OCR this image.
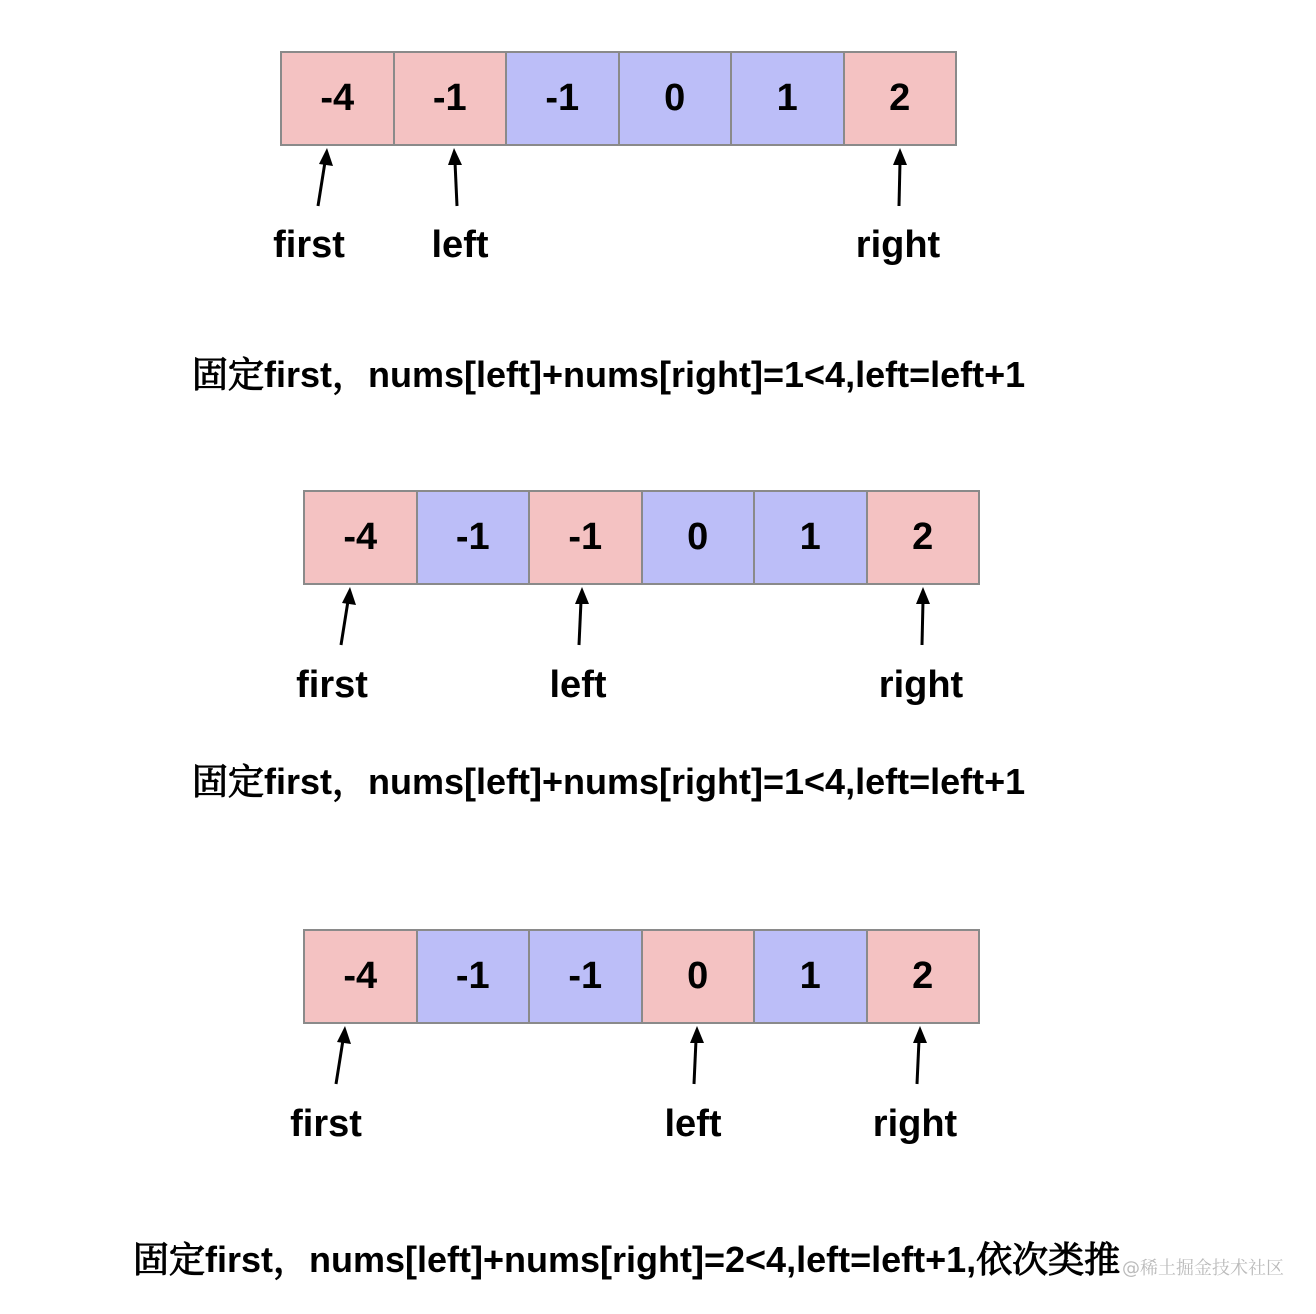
-4	-1	-1	0	1	2
first left	right
固定first，nums[left]+nums[right]=1<4,left=left+1
-4	-1	-1	0	1	2
first	left	right
固定first，nums[left]+nums[right]=1<4,left=left+1
-4	-1	-1	0	1	2
first	left	right
固定first，nums[left]+nums[right]=2<4,left=left+1,依次类推 @稀土掘金技术社区
